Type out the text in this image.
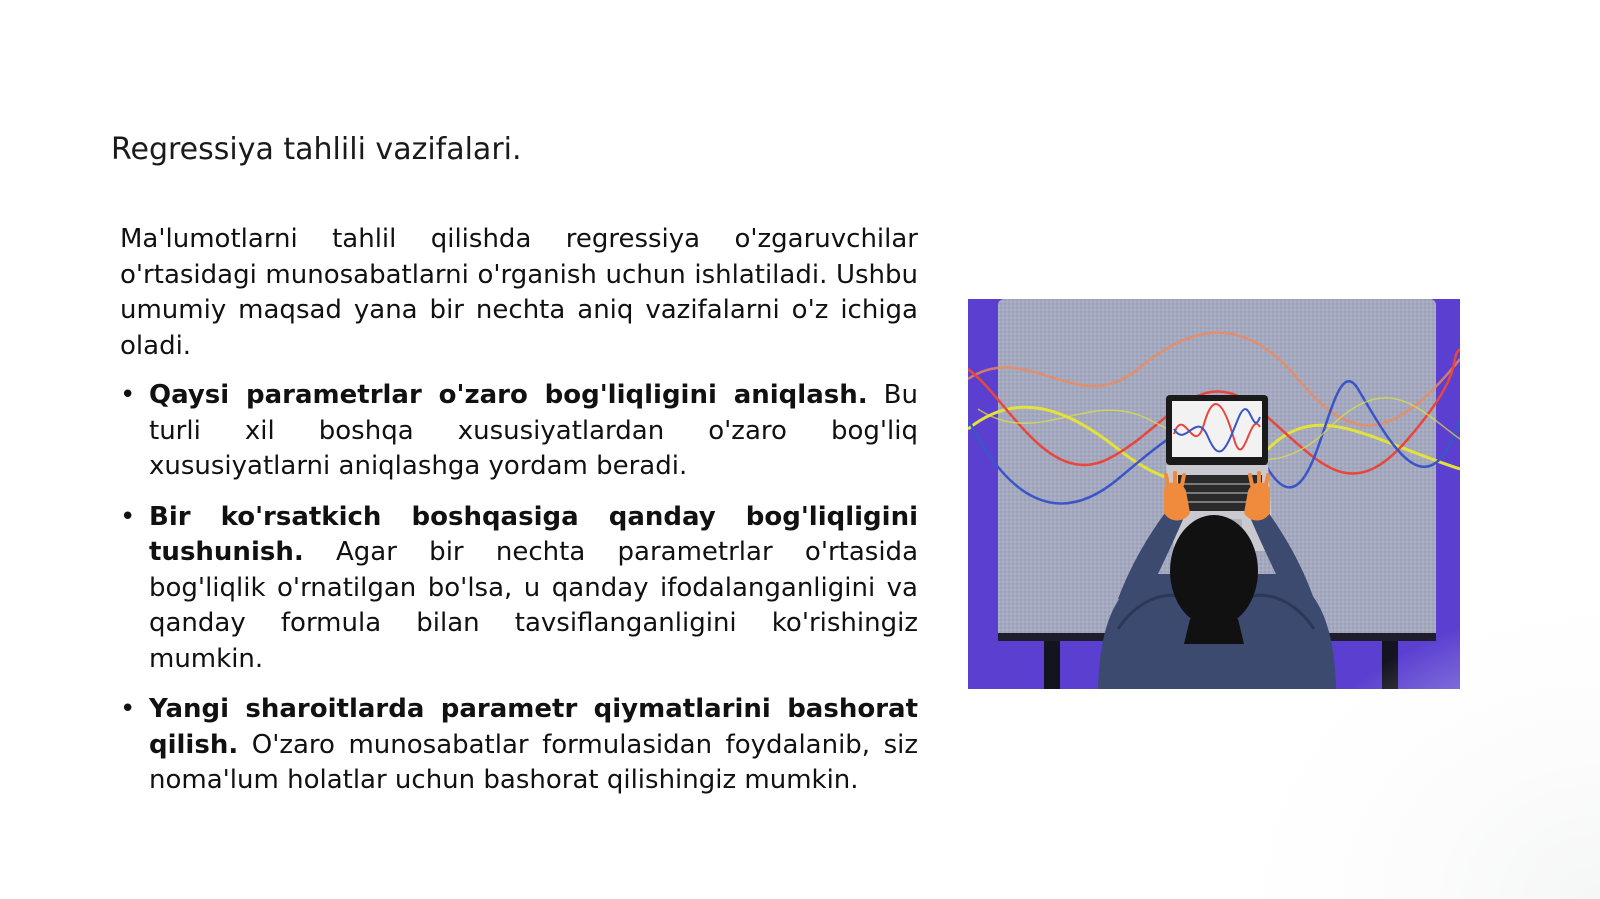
Regressiya tahlili vazifalari.

Ma'lumotlarni tahlil qilishda regressiya o'zgaruvchilar o'rtasidagi munosabatlarni o'rganish uchun ishlatiladi. Ushbu umumiy maqsad yana bir nechta aniq vazifalarni o'z ichiga oladi.

• Qaysi parametrlar o'zaro bog'liqligini aniqlash. Bu turli xil boshqa xususiyatlardan o'zaro bog'liq xususiyatlarni aniqlashga yordam beradi.
• Bir ko'rsatkich boshqasiga qanday bog'liqligini tushunish. Agar bir nechta parametrlar o'rtasida bog'liqlik o'rnatilgan bo'lsa, u qanday ifodalanganligini va qanday formula bilan tavsiflanganligini ko'rishingiz mumkin.
• Yangi sharoitlarda parametr qiymatlarini bashorat qilish. O'zaro munosabatlar formulasidan foydalanib, siz noma'lum holatlar uchun bashorat qilishingiz mumkin.
